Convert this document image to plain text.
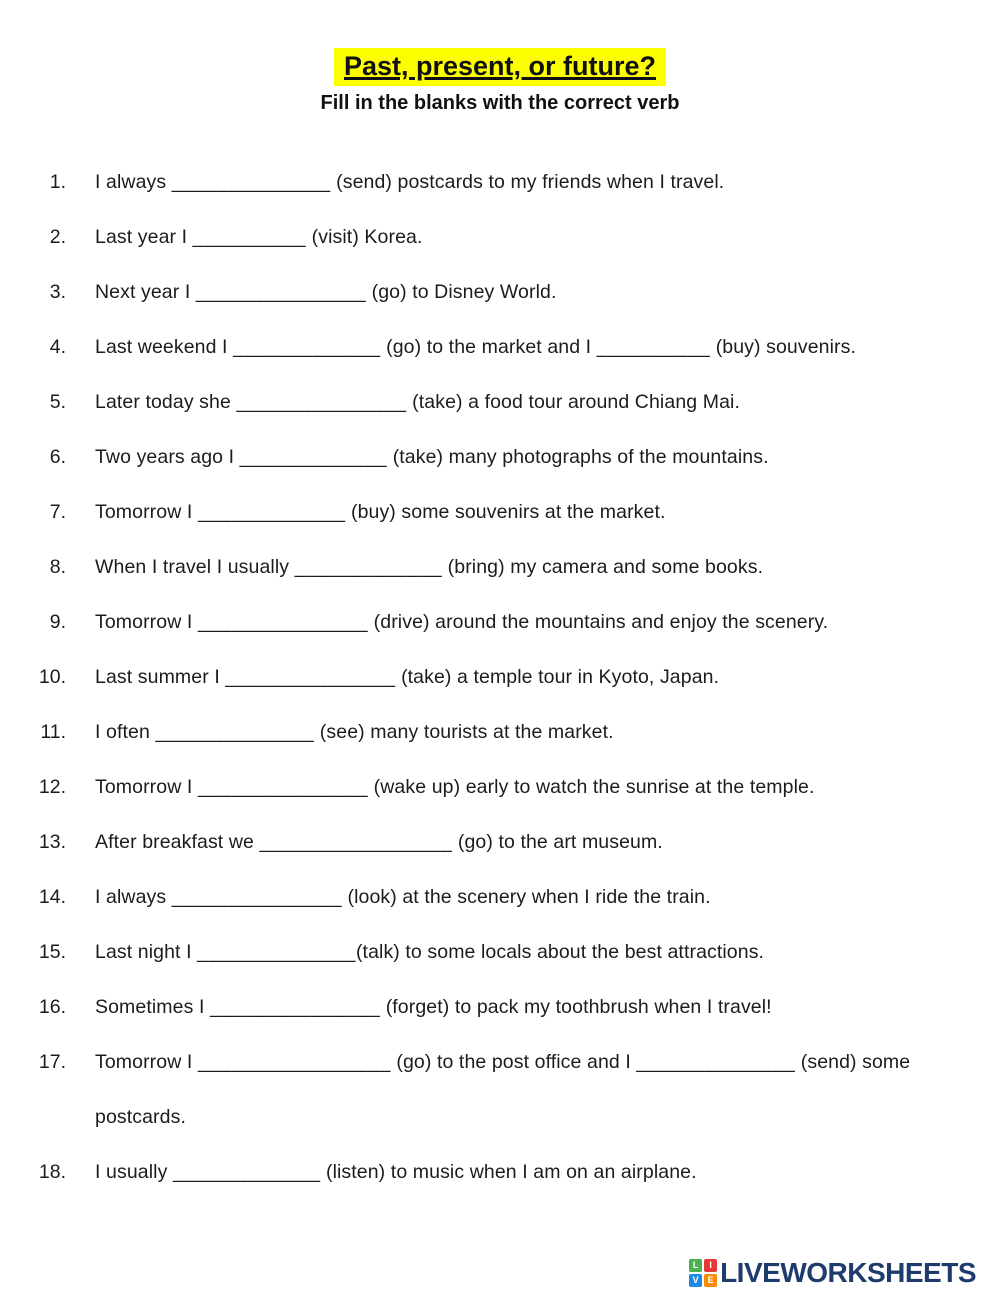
Past, present, or future?
Fill in the blanks with the correct verb
1. I always ______________ (send) postcards to my friends when I travel.
2. Last year I __________ (visit) Korea.
3. Next year I _______________ (go) to Disney World.
4. Last weekend I _____________ (go) to the market and I __________ (buy) souvenirs.
5. Later today she _______________ (take) a food tour around Chiang Mai.
6. Two years ago I _____________ (take) many photographs of the mountains.
7. Tomorrow I _____________ (buy) some souvenirs at the market.
8. When I travel I usually _____________ (bring) my camera and some books.
9. Tomorrow I _______________ (drive) around the mountains and enjoy the scenery.
10. Last summer I _______________ (take) a temple tour in Kyoto, Japan.
11. I often ______________ (see) many tourists at the market.
12. Tomorrow I _______________ (wake up) early to watch the sunrise at the temple.
13. After breakfast we _________________ (go) to the art museum.
14. I always _______________ (look) at the scenery when I ride the train.
15. Last night I ______________(talk) to some locals about the best attractions.
16. Sometimes I _______________ (forget) to pack my toothbrush when I travel!
17. Tomorrow I _________________ (go) to the post office and I ______________ (send) some
postcards.
18. I usually _____________ (listen) to music when I am on an airplane.
L	I
V E LIVEWORKSHEETS
